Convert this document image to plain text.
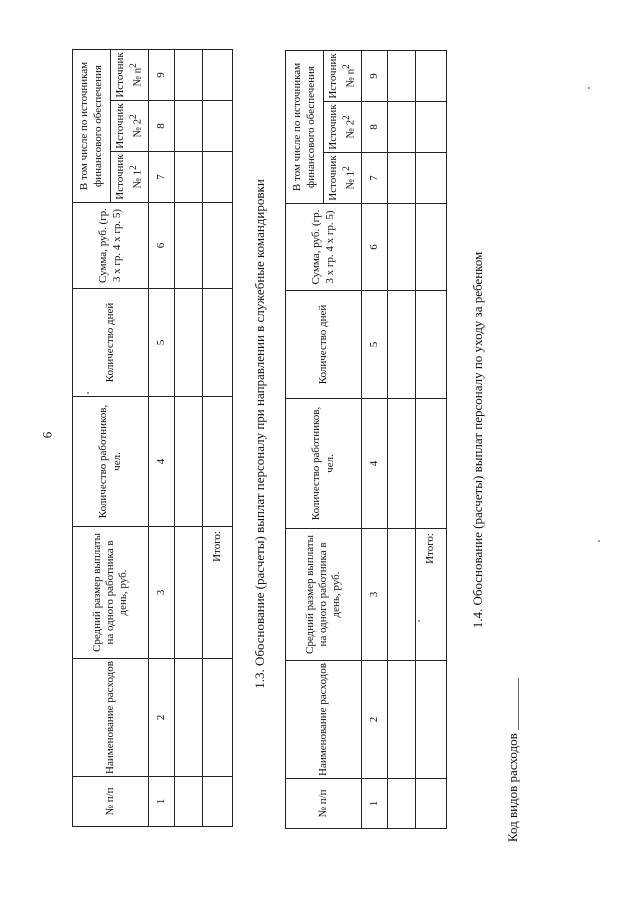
6
№ п/п	Наименование расходов	Средний размер выплаты на одного работника в день, руб.	Количество работников, чел.	Количество дней	Сумма, руб. (гр. 3 х гр. 4 х гр. 5)	В том числе по источникам финансового обеспечения		
						Источник № $1^2$	Источник № $2^2$	Источник № $n^2$
1	2	3	4	5	6	7	8	9

		Итого:						1.3. Обоснование (расчеты) выплат персоналу при направлении в служебные командировки
№ п/п	Наименование расходов	Средний размер выплаты на одного работника в день, руб.	Количество работников, чел.	Количество дней	Сумма, руб. (гр. 3 х гр. 4 х гр. 5)	В том числе по источникам финансового обеспечения		
						Источник № $1^2$	Источник № $2^2$	Источник № $n^2$
1	2	3	4	5	6	7	8	9

		Итого:							1.4. Обоснование (расчеты) выплат персоналу по уходу за ребенком
Код видов расходов ________
